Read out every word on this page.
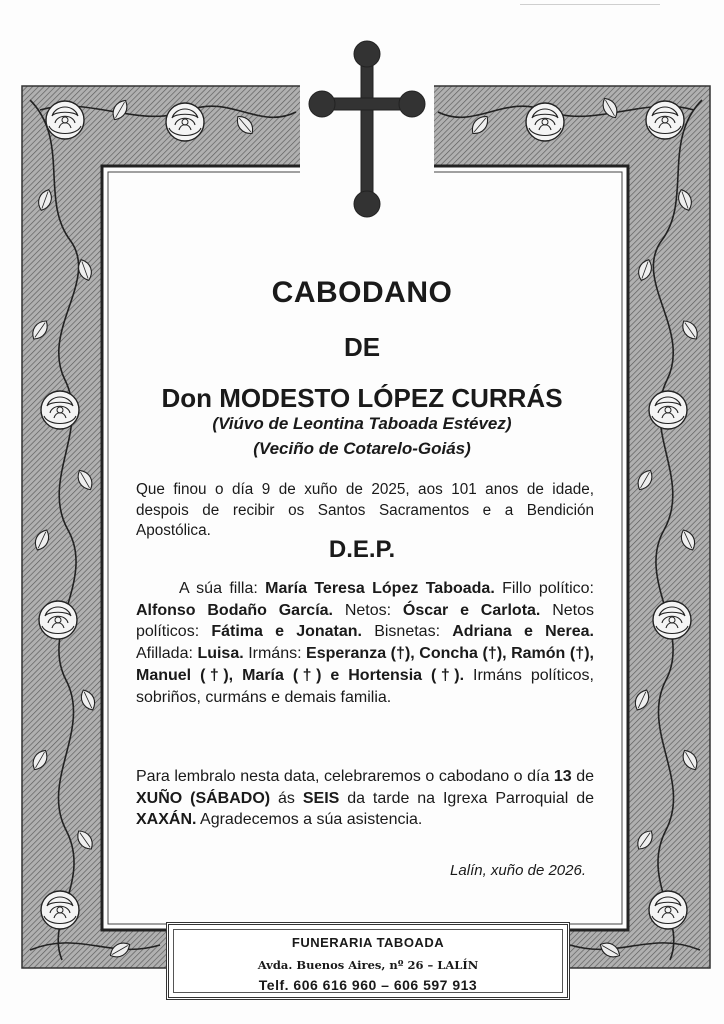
CABODANO
DE
Don MODESTO LÓPEZ CURRÁS
(Viúvo de Leontina Taboada Estévez)
(Veciño de Cotarelo-Goiás)

Que finou o día 9 de xuño de 2025, aos 101 anos de idade, despois de recibir os Santos Sacramentos e a Bendición Apostólica.

D.E.P.

A súa filla: María Teresa López Taboada. Fillo político: Alfonso Bodaño García. Netos: Óscar e Carlota. Netos políticos: Fátima e Jonatan. Bisnetas: Adriana e Nerea. Afillada: Luisa. Irmáns: Esperanza (†), Concha (†), Ramón (†), Manuel (†), María (†) e Hortensia (†). Irmáns políticos, sobriños, curmáns e demais familia.

Para lembralo nesta data, celebraremos o cabodano o día 13 de XUÑO (SÁBADO) ás SEIS da tarde na Igrexa Parroquial de XAXÁN. Agradecemos a súa asistencia.

Lalín, xuño de 2026.

FUNERARIA TABOADA
Avda. Buenos Aires, nº 26 – LALÍN
Telf. 606 616 960 – 606 597 913
